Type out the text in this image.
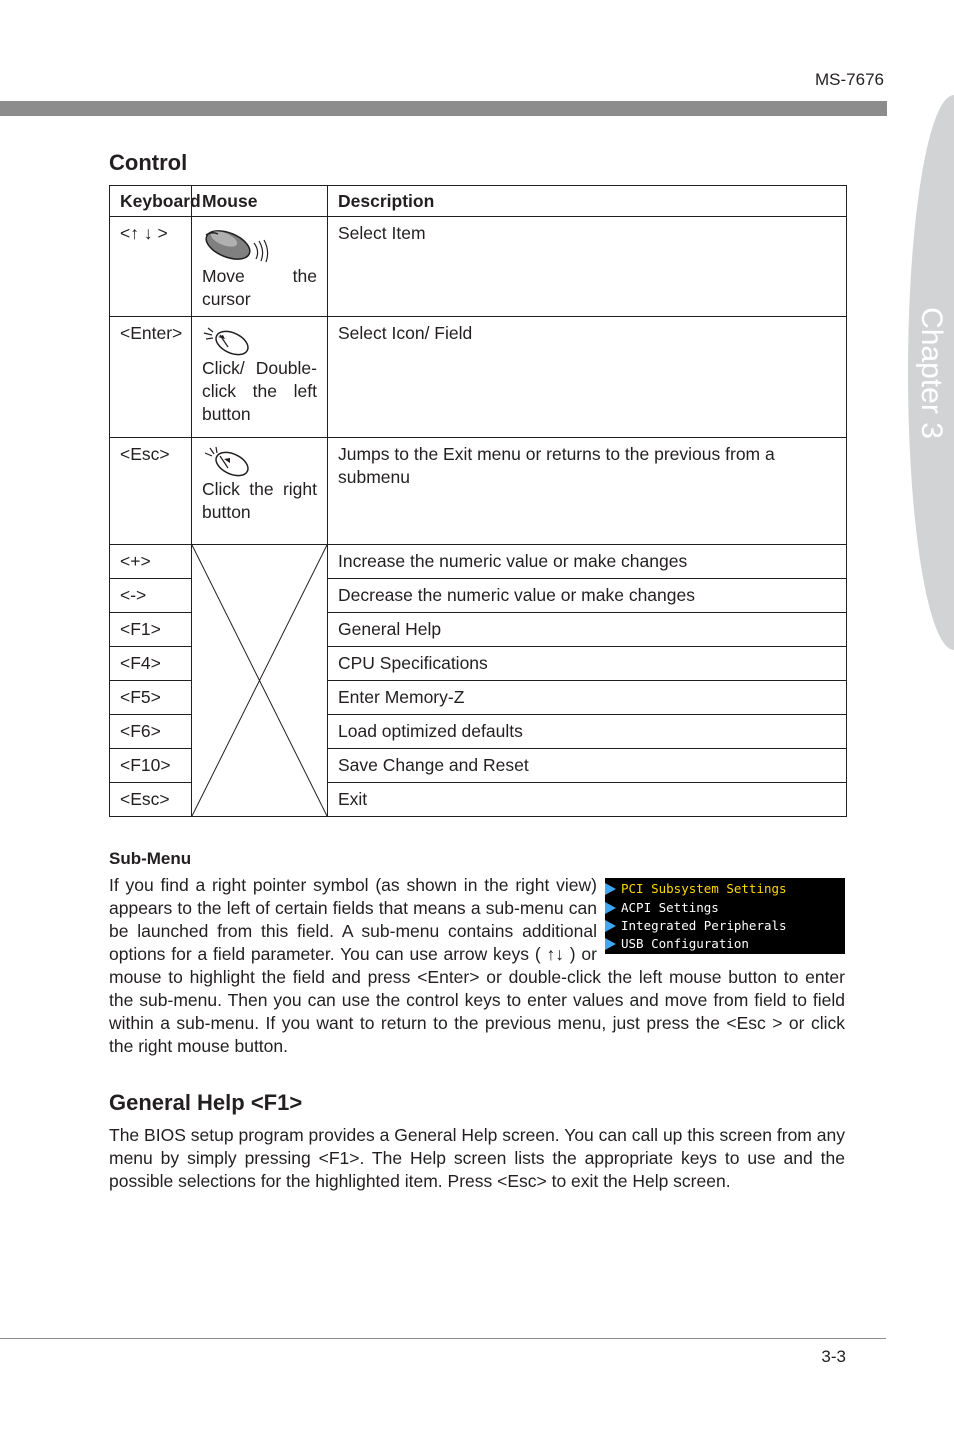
MS-7676
Chapter 3
Control
Keyboard	Mouse	Description
<↑ ↓ >	Move the cursor	Select Item
<Enter>	Click/ Double-click the left button	Select Icon/ Field
<Esc>	Click the right button	Jumps to the Exit menu or returns to the previous from a submenu
<+>		Increase the numeric value or make changes
<->		Decrease the numeric value or make changes
<F1>		General Help
<F4>		CPU Specifications
<F5>		Enter Memory-Z
<F6>		Load optimized defaults
<F10>		Save Change and Reset
<Esc>		Exit
Sub-Menu

PCI Subsystem Settings
ACPI Settings
Integrated Peripherals
USB Configuration
If you find a right pointer symbol (as shown in the right view) appears to the left of certain fields that means a sub-menu can be launched from this field. A sub-menu contains additional options for a field parameter. You can use arrow keys ( ↑↓ ) or mouse to highlight the field and press <Enter> or double-click the left mouse button to enter the sub-menu. Then you can use the control keys to enter values and move from field to field within a sub-menu. If you want to return to the previous menu, just press the <Esc > or click the right mouse button.

General Help <F1>

The BIOS setup program provides a General Help screen. You can call up this screen from any menu by simply pressing <F1>. The Help screen lists the appropriate keys to use and the possible selections for the highlighted item. Press <Esc> to exit the Help screen.

3-3
